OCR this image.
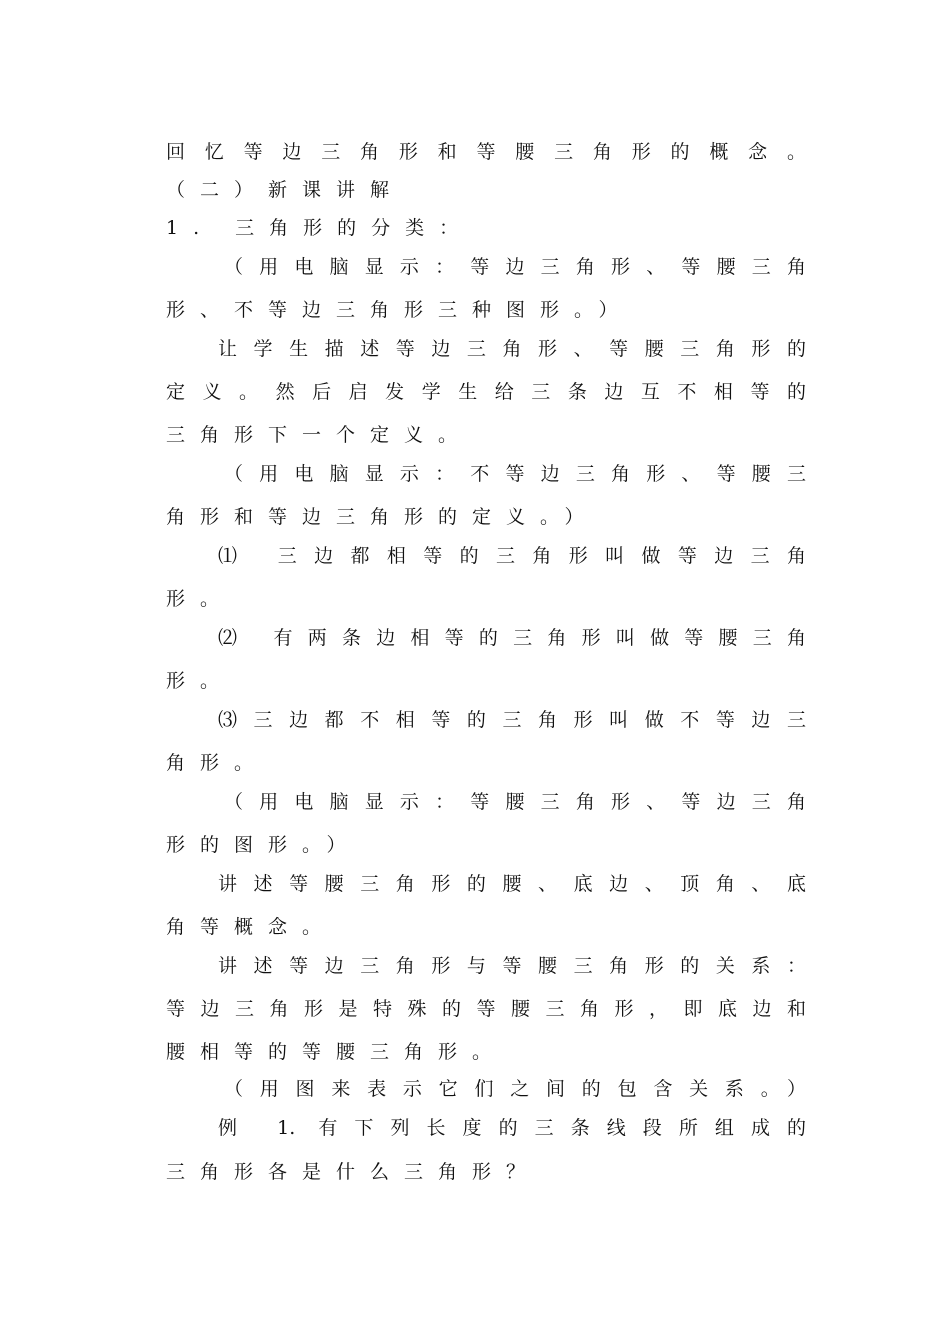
回忆等边三角形和等腰三角形的概念。
（二）新课讲解
1. 三角形的分类：
（用电脑显示：等边三角形、等腰三角
形、不等边三角形三种图形。）
让学生描述等边三角形、等腰三角形的
定义。然后启发学生给三条边互不相等的
三角形下一个定义。
（用电脑显示：不等边三角形、等腰三
角形和等边三角形的定义。）
⑴ 三边都相等的三角形叫做等边三角
形。
⑵ 有两条边相等的三角形叫做等腰三角
形。
⑶三边都不相等的三角形叫做不等边三
角形。
（用电脑显示：等腰三角形、等边三角
形的图形。）
讲述等腰三角形的腰、底边、顶角、底
角等概念。
讲述等边三角形与等腰三角形的关系：
等边三角形是特殊的等腰三角形，即底边和
腰相等的等腰三角形。
（用图来表示它们之间的包含关系。）
例 1. 有下列长度的三条线段所组成的
三角形各是什么三角形？
